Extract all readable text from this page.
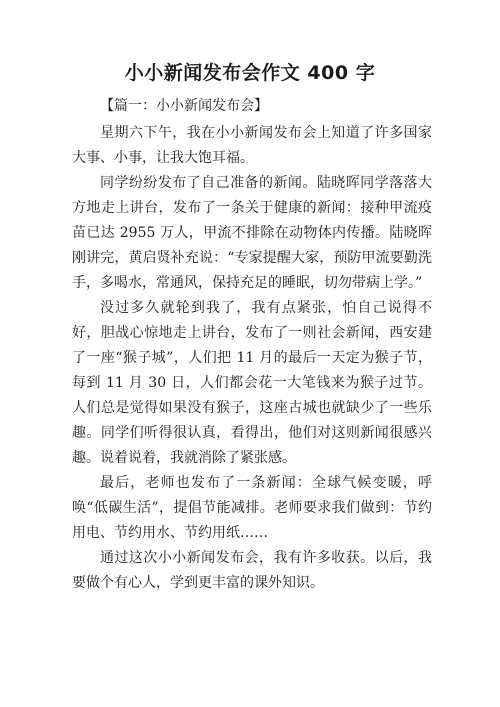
小小新闻发布会作文 400 字

【篇一：小小新闻发布会】

星期六下午，我在小小新闻发布会上知道了许多国家大事、小事，让我大饱耳福。

同学纷纷发布了自己准备的新闻。陆晓晖同学落落大方地走上讲台，发布了一条关于健康的新闻：接种甲流疫苗已达 2955 万人，甲流不排除在动物体内传播。陆晓晖刚讲完，黄启贤补充说：“专家提醒大家，预防甲流要勤洗手，多喝水，常通风，保持充足的睡眠，切勿带病上学。”

没过多久就轮到我了，我有点紧张，怕自己说得不好，胆战心惊地走上讲台，发布了一则社会新闻，西安建了一座“猴子城”，人们把 11 月的最后一天定为猴子节，每到 11 月 30 日，人们都会花一大笔钱来为猴子过节。人们总是觉得如果没有猴子，这座古城也就缺少了一些乐趣。同学们听得很认真，看得出，他们对这则新闻很感兴趣。说着说着，我就消除了紧张感。

最后，老师也发布了一条新闻：全球气候变暖，呼唤“低碳生活”，提倡节能减排。老师要求我们做到：节约用电、节约用水、节约用纸……

通过这次小小新闻发布会，我有许多收获。以后，我要做个有心人，学到更丰富的课外知识。
